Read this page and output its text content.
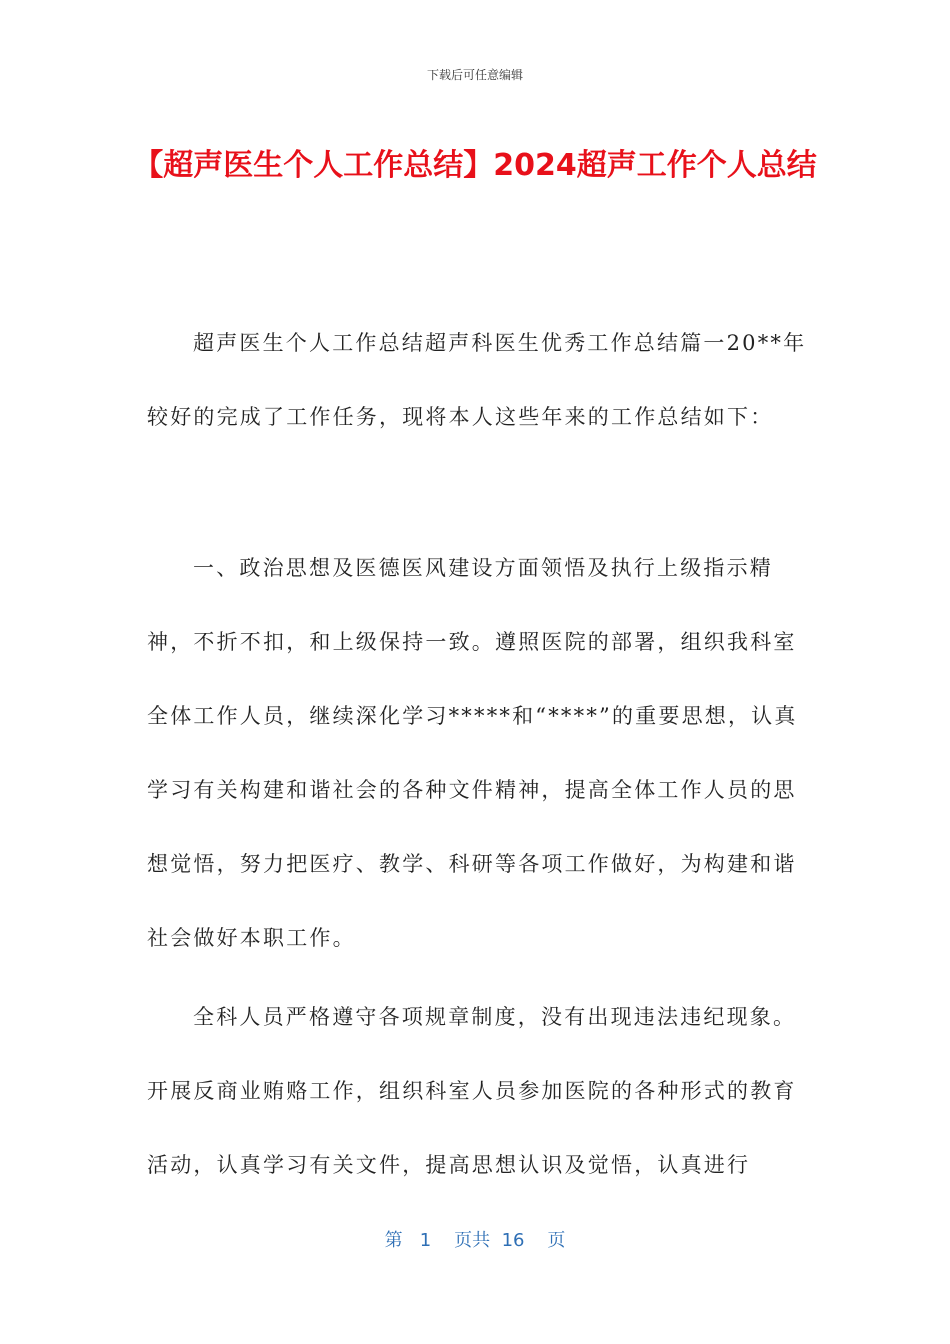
下载后可任意编辑
【超声医生个人工作总结】2024超声工作个人总结

超声医生个人工作总结超声科医生优秀工作总结篇一20**年较好的完成了工作任务，现将本人这些年来的工作总结如下：

一、政治思想及医德医风建设方面领悟及执行上级指示精神，不折不扣，和上级保持一致。遵照医院的部署，组织我科室全体工作人员，继续深化学习*****和“****”的重要思想，认真学习有关构建和谐社会的各种文件精神，提高全体工作人员的思想觉悟，努力把医疗、教学、科研等各项工作做好，为构建和谐社会做好本职工作。

全科人员严格遵守各项规章制度，没有出现违法违纪现象。开展反商业贿赂工作，组织科室人员参加医院的各种形式的教育活动，认真学习有关文件，提高思想认识及觉悟，认真进行

第 1 页共 16 页
